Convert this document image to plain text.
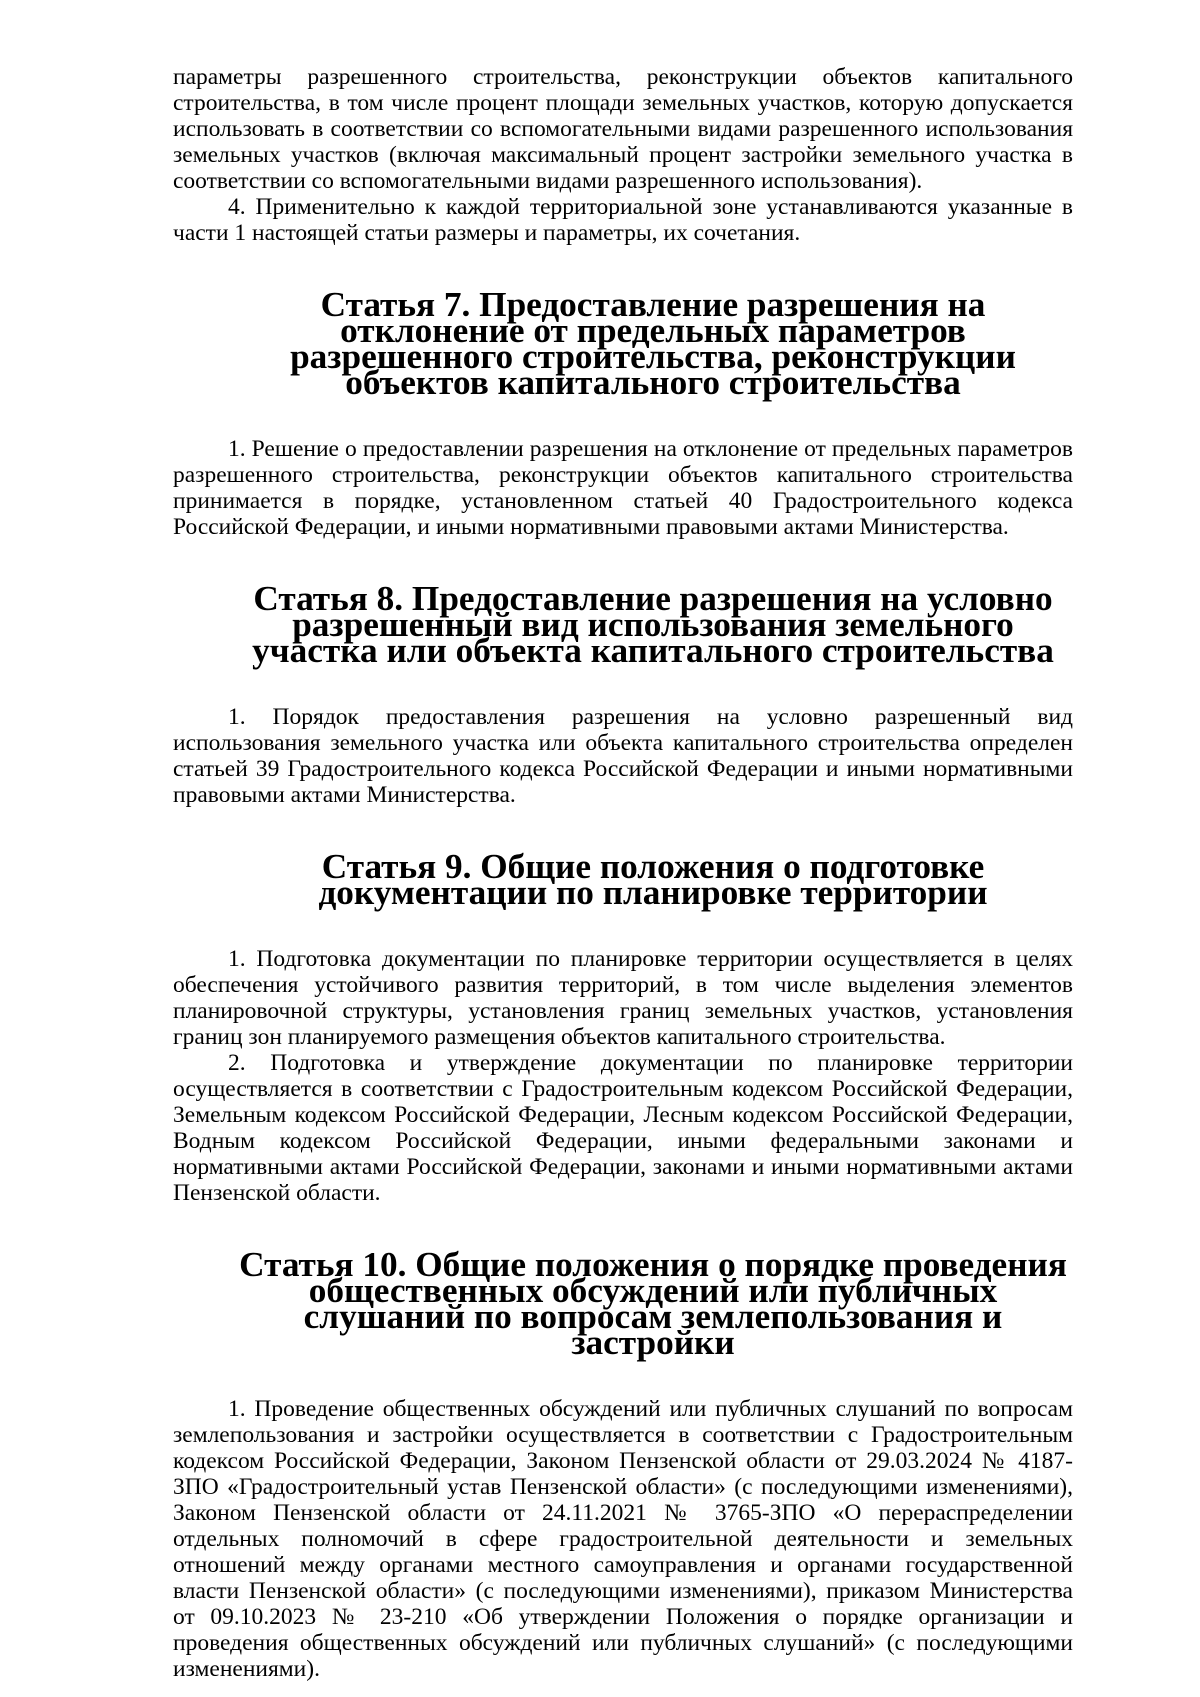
параметры разрешенного строительства, реконструкции объектов капитального строительства, в том числе процент площади земельных участков, которую допускается использовать в соответствии со вспомогательными видами разрешенного использования земельных участков (включая максимальный процент застройки земельного участка в соответствии со вспомогательными видами разрешенного использования).

4. Применительно к каждой территориальной зоне устанавливаются указанные в части 1 настоящей статьи размеры и параметры, их сочетания.

Статья 7. Предоставление разрешения на отклонение от предельных параметров разрешенного строительства, реконструкции объектов капитального строительства

1. Решение о предоставлении разрешения на отклонение от предельных параметров разрешенного строительства, реконструкции объектов капитального строительства принимается в порядке, установленном статьей 40 Градостроительного кодекса Российской Федерации, и иными нормативными правовыми актами Министерства.

Статья 8. Предоставление разрешения на условно разрешенный вид использования земельного участка или объекта капитального строительства

1. Порядок предоставления разрешения на условно разрешенный вид использования земельного участка или объекта капитального строительства определен статьей 39 Градостроительного кодекса Российской Федерации и иными нормативными правовыми актами Министерства.

Статья 9. Общие положения о подготовке документации по планировке территории

1. Подготовка документации по планировке территории осуществляется в целях обеспечения устойчивого развития территорий, в том числе выделения элементов планировочной структуры, установления границ земельных участков, установления границ зон планируемого размещения объектов капитального строительства.

2. Подготовка и утверждение документации по планировке территории осуществляется в соответствии с Градостроительным кодексом Российской Федерации, Земельным кодексом Российской Федерации, Лесным кодексом Российской Федерации, Водным кодексом Российской Федерации, иными федеральными законами и нормативными актами Российской Федерации, законами и иными нормативными актами Пензенской области.

Статья 10. Общие положения о порядке проведения общественных обсуждений или публичных слушаний по вопросам землепользования и застройки

1. Проведение общественных обсуждений или публичных слушаний по вопросам землепользования и застройки осуществляется в соответствии с Градостроительным кодексом Российской Федерации, Законом Пензенской области от 29.03.2024 № 4187-ЗПО «Градостроительный устав Пензенской области» (с последующими изменениями), Законом Пензенской области от 24.11.2021 № 3765-ЗПО «О перераспределении отдельных полномочий в сфере градостроительной деятельности и земельных отношений между органами местного самоуправления и органами государственной власти Пензенской области» (с последующими изменениями), приказом Министерства от 09.10.2023 № 23-210 «Об утверждении Положения о порядке организации и проведения общественных обсуждений или публичных слушаний» (с последующими изменениями).
